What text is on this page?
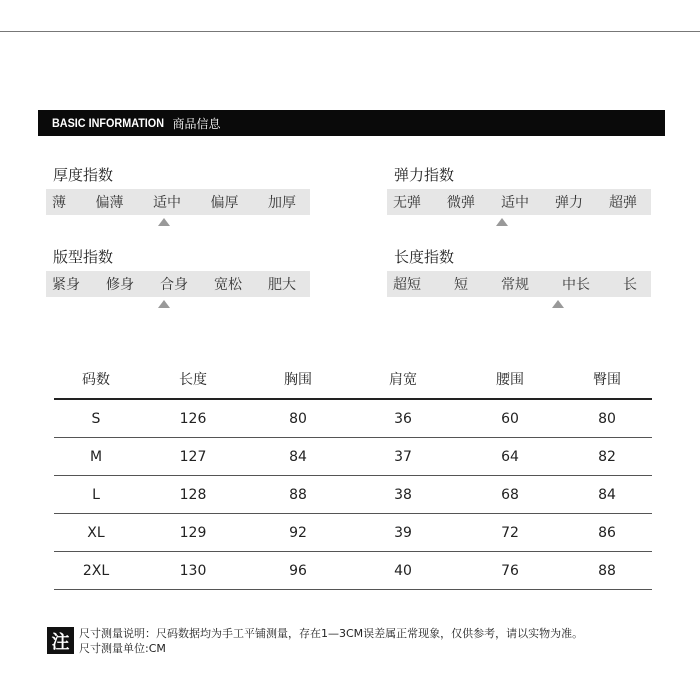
BASIC INFORMATION 商品信息
厚度指数
薄 偏薄 适中 偏厚 加厚
弹力指数
无弹 微弹 适中 弹力 超弹
版型指数
紧身 修身 合身 宽松 肥大
长度指数
超短 短 常规 中长 长
码数	长度	胸围	肩宽	腰围	臀围
S	126	80	36	60	80
M	127	84	37	64	82
L	128	88	38	68	84
XL	129	92	39	72	86
2XL	130	96	40	76	88
注 尺寸测量说明：尺码数据均为手工平铺测量，存在1—3CM误差属正常现象，仅供参考，请以实物为准。
尺寸测量单位:CM
